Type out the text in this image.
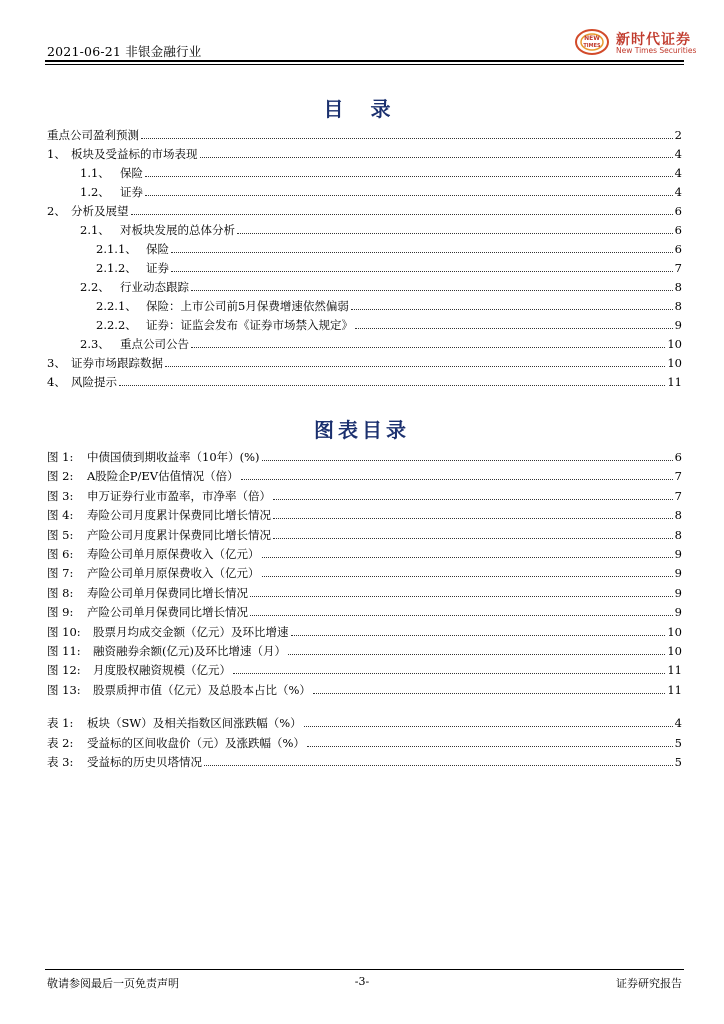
2021-06-21 非银金融行业
NEW
TIMES 新时代证券
New Times Securities
目 录
重点公司盈利预测	2
1、 板块及受益标的市场表现	4
1.1、 保险	4
1.2、 证券	4
2、 分析及展望	6
2.1、 对板块发展的总体分析	6
2.1.1、 保险	6
2.1.2、 证券	7
2.2、 行业动态跟踪	8
2.2.1、 保险：上市公司前5月保费增速依然偏弱	8
2.2.2、 证券：证监会发布《证券市场禁入规定》	9
2.3、 重点公司公告	10
3、 证券市场跟踪数据	10
4、 风险提示	11
图表目录
图 1: 中债国债到期收益率（10年）(%)	6
图 2: A股险企P/EV估值情况（倍）	7
图 3: 申万证券行业市盈率，市净率（倍）	7
图 4: 寿险公司月度累计保费同比增长情况	8
图 5: 产险公司月度累计保费同比增长情况	8
图 6: 寿险公司单月原保费收入（亿元）	9
图 7: 产险公司单月原保费收入（亿元）	9
图 8: 寿险公司单月保费同比增长情况	9
图 9: 产险公司单月保费同比增长情况	9
图 10: 股票月均成交金额（亿元）及环比增速	10
图 11: 融资融券余额(亿元)及环比增速（月）	10
图 12: 月度股权融资规模（亿元）	11
图 13: 股票质押市值（亿元）及总股本占比（%）	11
表 1: 板块（SW）及相关指数区间涨跌幅（%）	4
表 2: 受益标的区间收盘价（元）及涨跌幅（%）	5
表 3: 受益标的历史贝塔情况	5
敬请参阅最后一页免责声明	-3-	证券研究报告
